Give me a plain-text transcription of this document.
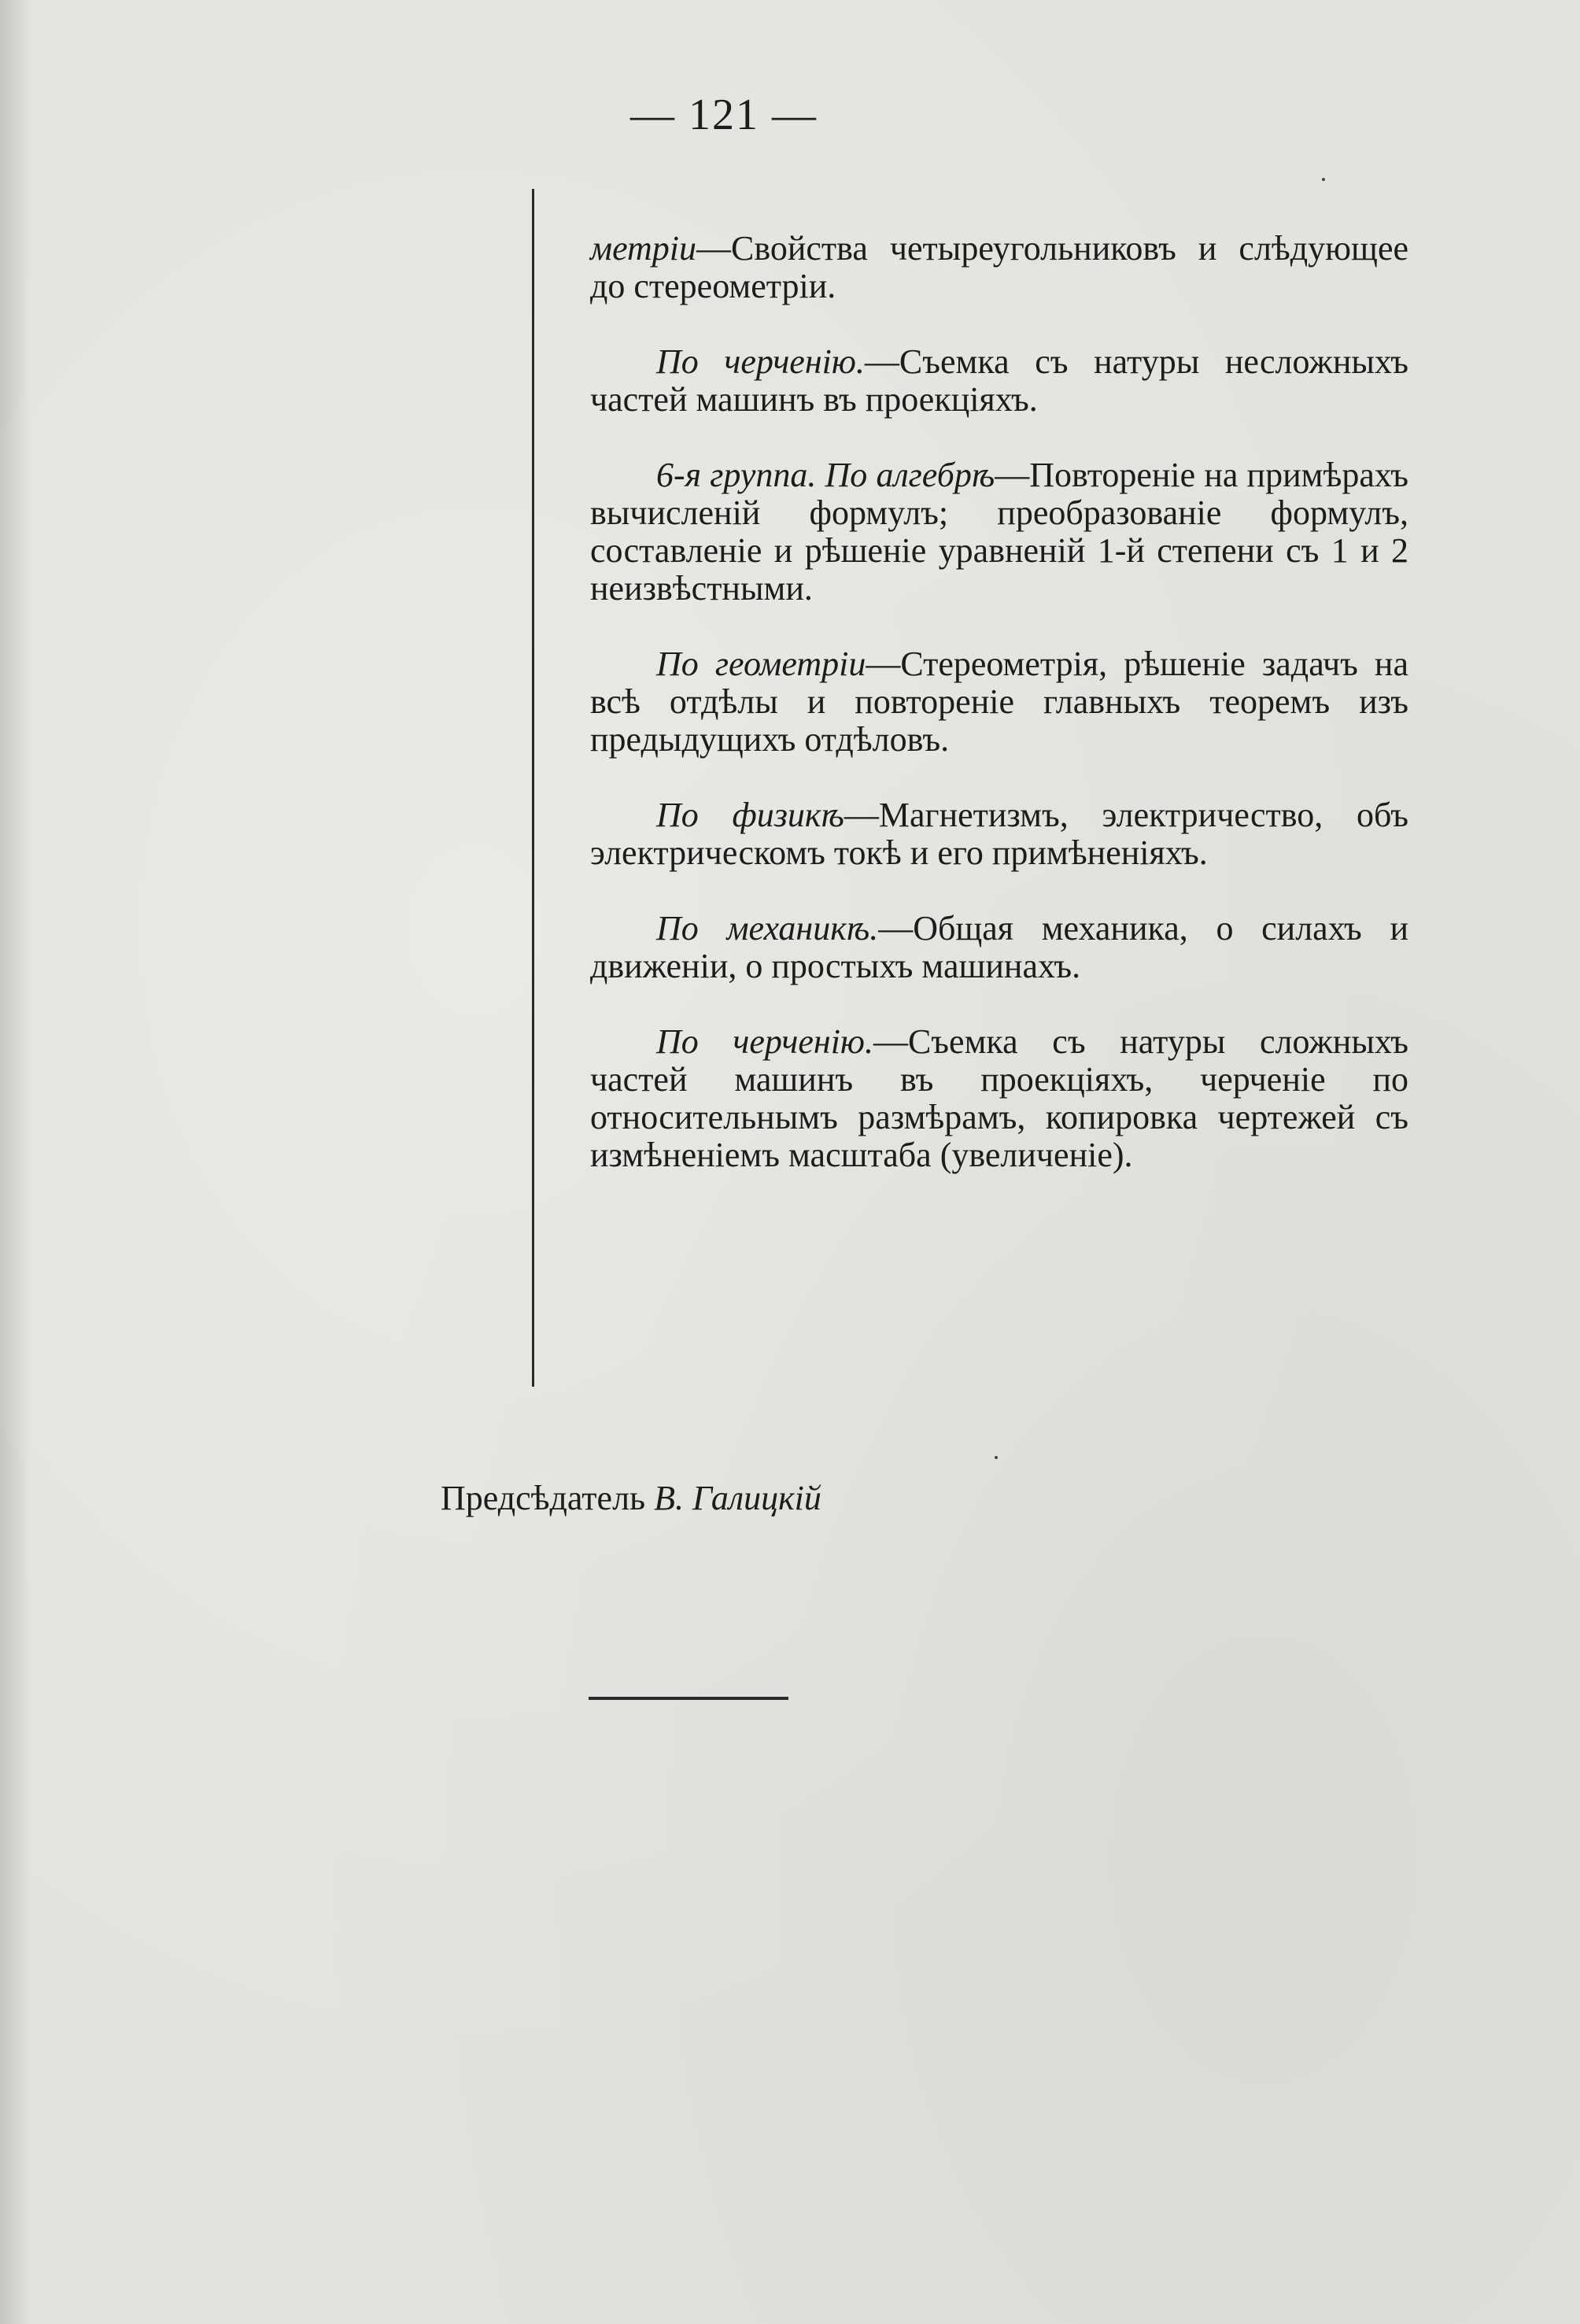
— 121 —

метріи—Свойства четыреугольниковъ и слѣдующее до стереометріи.

По черченію.—Съемка съ натуры несложныхъ частей машинъ въ проекціяхъ.

6-я группа. По алгебрѣ—Повтореніе на примѣрахъ вычисленій формулъ; преобразованіе формулъ, составленіе и рѣшеніе уравненій 1-й степени съ 1 и 2 неизвѣстными.

По геометріи—Стереометрія, рѣшеніе задачъ на всѣ отдѣлы и повтореніе главныхъ теоремъ изъ предыдущихъ отдѣловъ.

По физикѣ—Магнетизмъ, электричество, объ электрическомъ токѣ и его примѣненіяхъ.

По механикѣ.—Общая механика, о силахъ и движеніи, о простыхъ машинахъ.

По черченію.—Съемка съ натуры сложныхъ частей машинъ въ проекціяхъ, черченіе по относительнымъ размѣрамъ, копировка чертежей съ измѣненіемъ масштаба (увеличеніе).

Предсѣдатель В. Галицкій
